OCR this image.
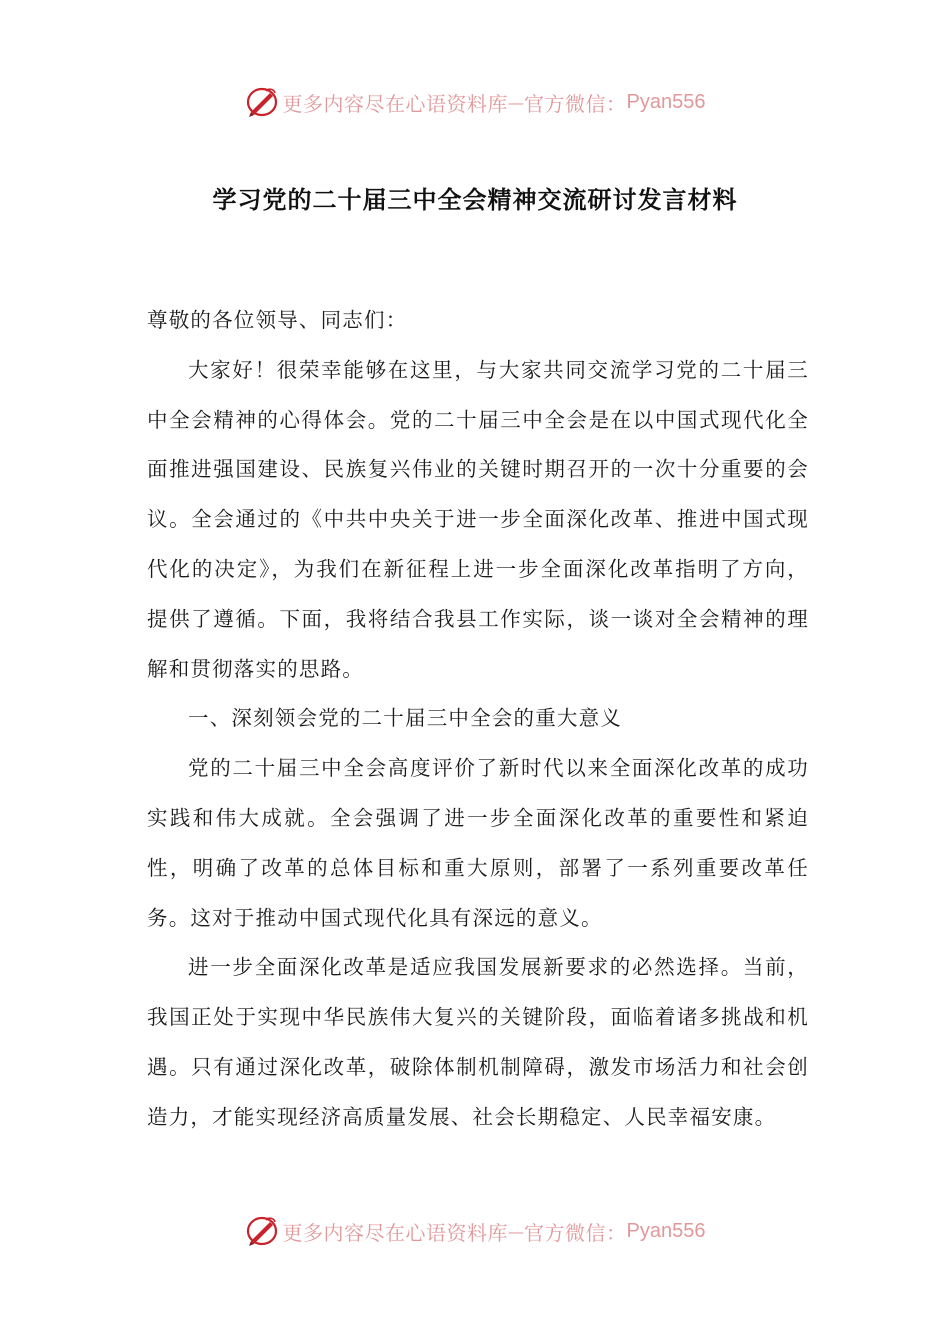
更多内容尽在心语资料库 — 官方微信： Pyan556
学习党的二十届三中全会精神交流研讨发言材料

尊敬的各位领导、同志们：

大家好！很荣幸能够在这里，与大家共同交流学习党的二十届三中全会精神的心得体会。党的二十届三中全会是在以中国式现代化全面推进强国建设、民族复兴伟业的关键时期召开的一次十分重要的会议。全会通过的《中共中央关于进一步全面深化改革、推进中国式现代化的决定》，为我们在新征程上进一步全面深化改革指明了方向，提供了遵循。下面，我将结合我县工作实际，谈一谈对全会精神的理解和贯彻落实的思路。

一、深刻领会党的二十届三中全会的重大意义

党的二十届三中全会高度评价了新时代以来全面深化改革的成功实践和伟大成就。全会强调了进一步全面深化改革的重要性和紧迫性，明确了改革的总体目标和重大原则，部署了一系列重要改革任务。这对于推动中国式现代化具有深远的意义。

进一步全面深化改革是适应我国发展新要求的必然选择。当前，我国正处于实现中华民族伟大复兴的关键阶段，面临着诸多挑战和机遇。只有通过深化改革，破除体制机制障碍，激发市场活力和社会创造力，才能实现经济高质量发展、社会长期稳定、人民幸福安康。

更多内容尽在心语资料库 — 官方微信： Pyan556
